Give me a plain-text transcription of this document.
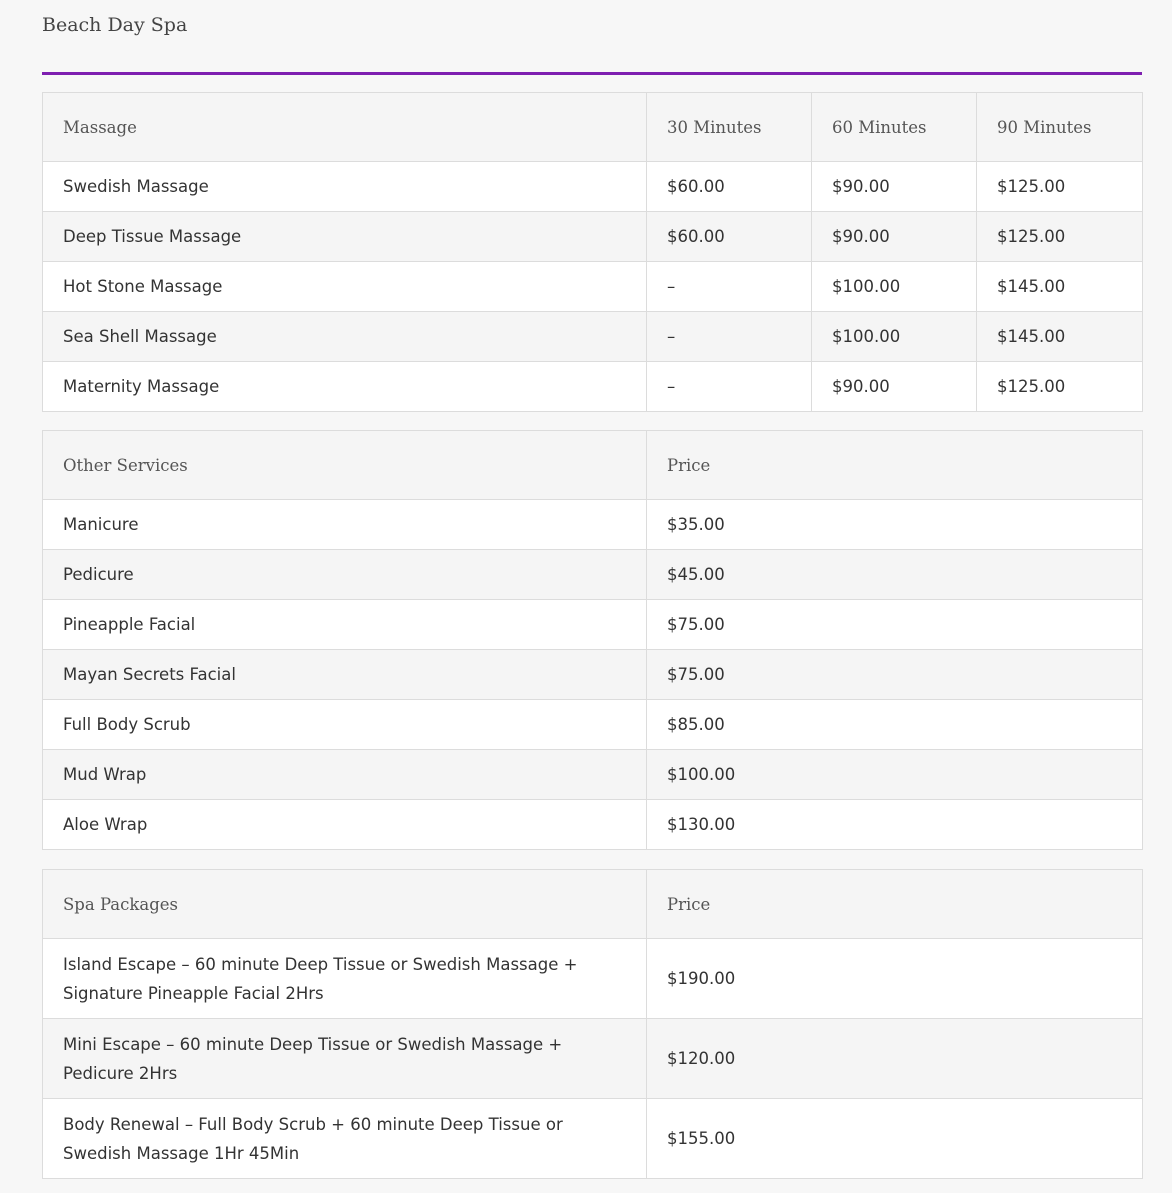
Beach Day Spa
Massage	30 Minutes	60 Minutes	90 Minutes
Swedish Massage	$60.00	$90.00	$125.00
Deep Tissue Massage	$60.00	$90.00	$125.00
Hot Stone Massage	–	$100.00	$145.00
Sea Shell Massage	–	$100.00	$145.00
Maternity Massage	–	$90.00	$125.00
Other Services	Price
Manicure	$35.00
Pedicure	$45.00
Pineapple Facial	$75.00
Mayan Secrets Facial	$75.00
Full Body Scrub	$85.00
Mud Wrap	$100.00
Aloe Wrap	$130.00
Spa Packages	Price
Island Escape – 60 minute Deep Tissue or Swedish Massage + Signature Pineapple Facial 2Hrs	$190.00
Mini Escape – 60 minute Deep Tissue or Swedish Massage + Pedicure 2Hrs	$120.00
Body Renewal – Full Body Scrub + 60 minute Deep Tissue or Swedish Massage 1Hr 45Min	$155.00
